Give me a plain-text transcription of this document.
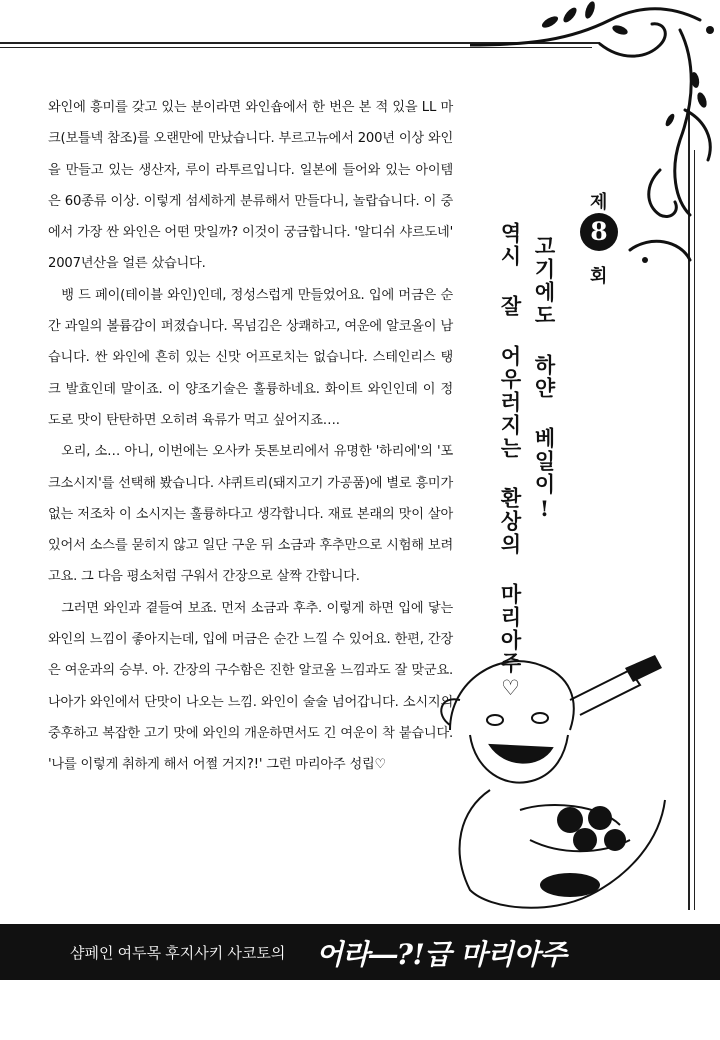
와인에 흥미를 갖고 있는 분이라면 와인숍에서 한 번은 본 적 있을 LL 마크(보틀넥 참조)를 오랜만에 만났습니다. 부르고뉴에서 200년 이상 와인을 만들고 있는 생산자, 루이 라투르입니다. 일본에 들어와 있는 아이템은 60종류 이상. 이렇게 섬세하게 분류해서 만들다니, 놀랍습니다. 이 중에서 가장 싼 와인은 어떤 맛일까? 이것이 궁금합니다. '알디쉬 샤르도네' 2007년산을 얼른 샀습니다.

뱅 드 페이(테이블 와인)인데, 정성스럽게 만들었어요. 입에 머금은 순간 과일의 볼륨감이 퍼졌습니다. 목넘김은 상쾌하고, 여운에 알코올이 남습니다. 싼 와인에 흔히 있는 신맛 어프로치는 없습니다. 스테인리스 탱크 발효인데 말이죠. 이 양조기술은 훌륭하네요. 화이트 와인인데 이 정도로 맛이 탄탄하면 오히려 육류가 먹고 싶어지죠….

오리, 소… 아니, 이번에는 오사카 돗톤보리에서 유명한 '하리에'의 '포크소시지'를 선택해 봤습니다. 샤퀴트리(돼지고기 가공품)에 별로 흥미가 없는 저조차 이 소시지는 훌륭하다고 생각합니다. 재료 본래의 맛이 살아 있어서 소스를 묻히지 않고 일단 구운 뒤 소금과 후추만으로 시험해 보려고요. 그 다음 평소처럼 구워서 간장으로 살짝 간합니다.

그러면 와인과 곁들여 보죠. 먼저 소금과 후추. 이렇게 하면 입에 닿는 와인의 느낌이 좋아지는데, 입에 머금은 순간 느낄 수 있어요. 한편, 간장은 여운과의 승부. 아. 간장의 구수함은 진한 알코올 느낌과도 잘 맞군요. 나아가 와인에서 단맛이 나오는 느낌. 와인이 술술 넘어갑니다. 소시지의 중후하고 복잡한 고기 맛에 와인의 개운하면서도 긴 여운이 착 붙습니다. '나를 이렇게 취하게 해서 어쩔 거지?!' 그런 마리아주 성립♡

제
8
회
고기에도 하얀 베일이!
역시 잘 어우러지는 환상의 마리아주♡
샴페인 여두목 후지사키 사코토의 어라―?!급 마리아주
